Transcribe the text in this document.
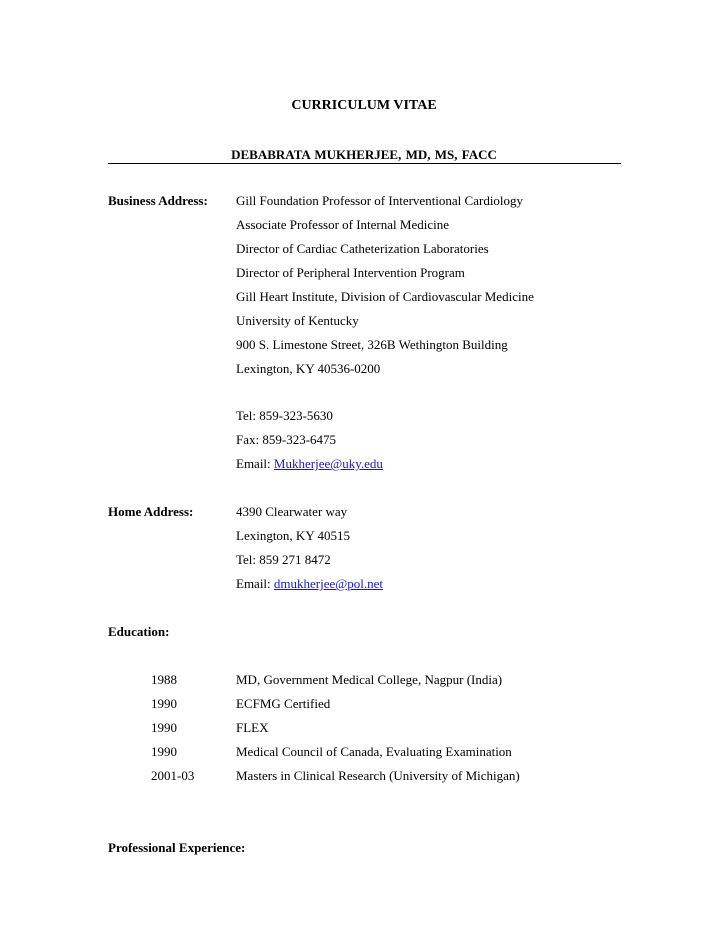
CURRICULUM VITAE
DEBABRATA MUKHERJEE, MD, MS, FACC
Business Address: Gill Foundation Professor of Interventional Cardiology
Associate Professor of Internal Medicine
Director of Cardiac Catheterization Laboratories
Director of Peripheral Intervention Program
Gill Heart Institute, Division of Cardiovascular Medicine
University of Kentucky
900 S. Limestone Street, 326B Wethington Building
Lexington, KY 40536-0200
Tel: 859-323-5630
Fax: 859-323-6475
Email: Mukherjee@uky.edu
Home Address:	4390 Clearwater way
Lexington, KY 40515
Tel: 859 271 8472
Email: dmukherjee@pol.net
Education:
1988	MD, Government Medical College, Nagpur (India)
1990	ECFMG Certified
1990	FLEX
1990	Medical Council of Canada, Evaluating Examination
2001-03	Masters in Clinical Research (University of Michigan)
Professional Experience:
